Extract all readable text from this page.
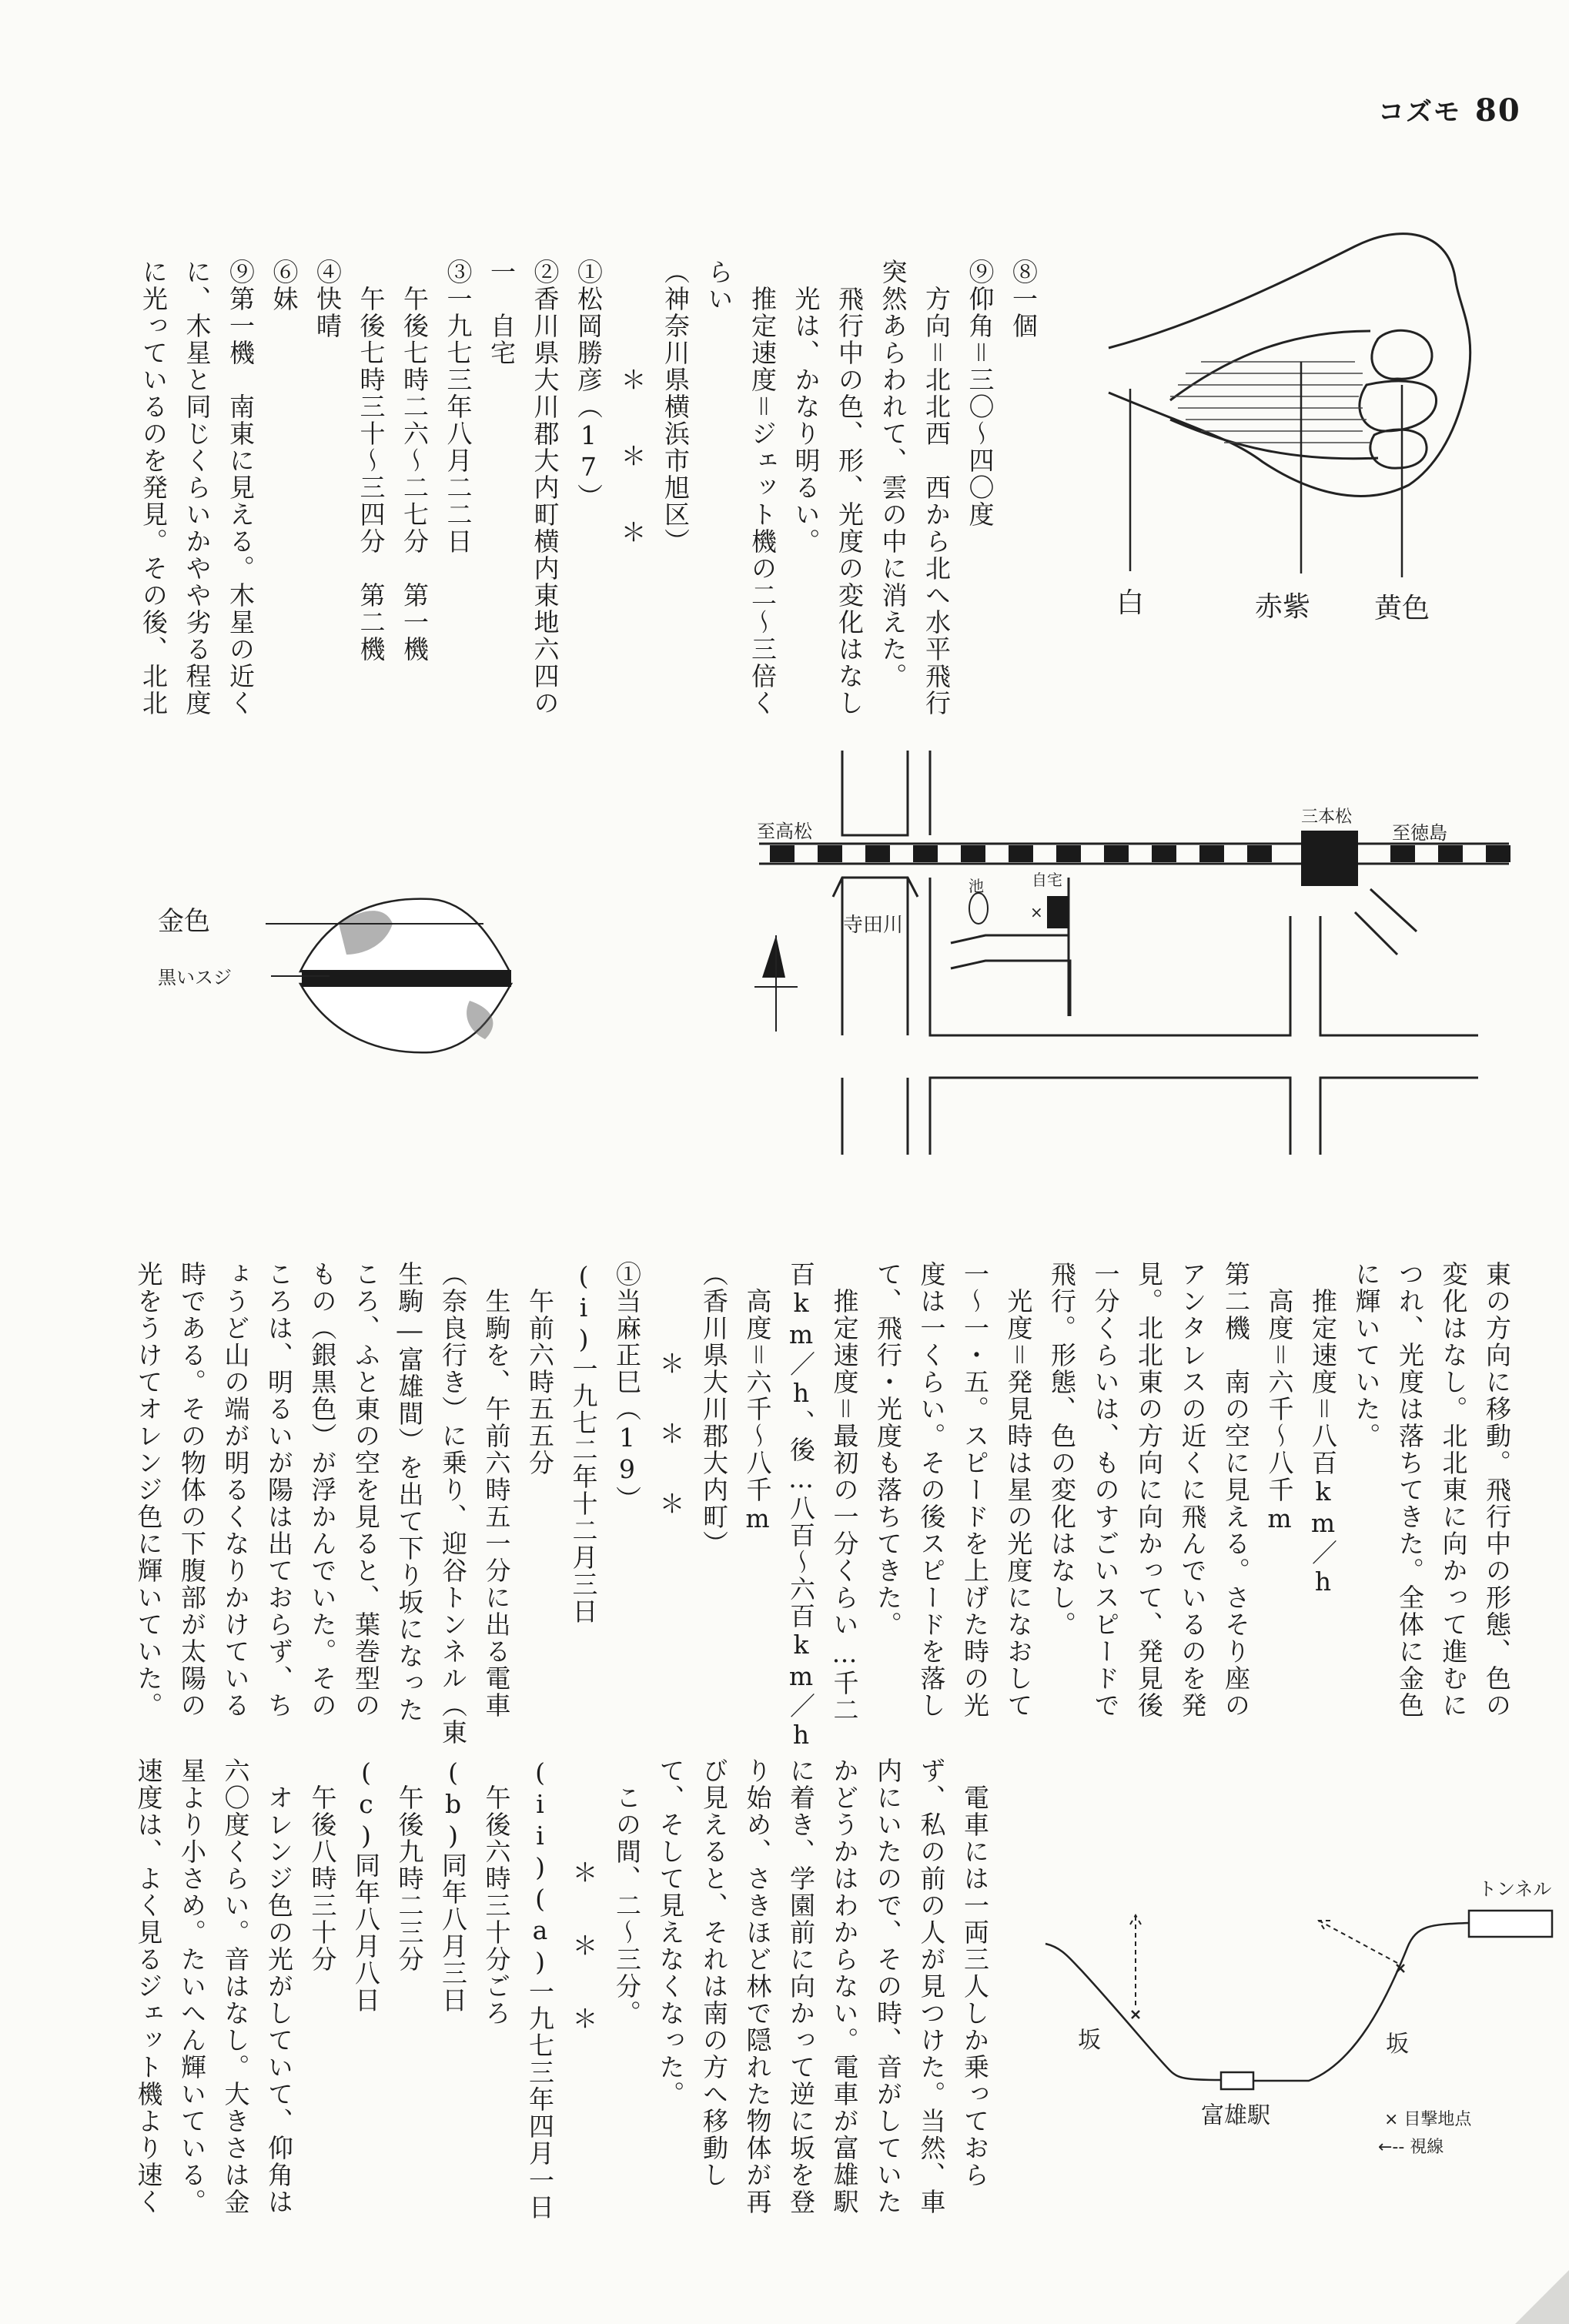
コズモ 80
白	赤紫 黄色
金色
黒いスジ
至高松
三本松
至徳島
寺田川
池	自宅
×
トンネル
坂	坂
富雄駅	× 目撃地点
←-- 視線
⑧一個
⑨仰角＝三〇～四〇度
　方向＝北北西　西から北へ水平飛行
突然あらわれて、雲の中に消えた。
　飛行中の色、形、光度の変化はなし
　光は、かなり明るい。
　推定速度＝ジェット機の二～三倍く
らい
（神奈川県横浜市旭区）
＊＊＊
①松岡勝彦（17）
②香川県大川郡大内町横内東地六四の
一　自宅
③一九七三年八月二二日
　午後七時二六～二七分　第一機
　午後七時三十～三四分　第二機
④快晴
⑥妹
⑨第一機　南東に見える。木星の近く
に、木星と同じくらいかやや劣る程度
に光っているのを発見。その後、北北
東の方向に移動。飛行中の形態、色の
変化はなし。北北東に向かって進むに
つれ、光度は落ちてきた。全体に金色
に輝いていた。
　推定速度＝八百km／h
　高度＝六千～八千m
第二機　南の空に見える。さそり座の
アンタレスの近くに飛んでいるのを発
見。北北東の方向に向かって、発見後
一分くらいは、ものすごいスピードで
飛行。形態、色の変化はなし。
　光度＝発見時は星の光度になおして
一～一・五。スピードを上げた時の光
度は一くらい。その後スピードを落し
て、飛行・光度も落ちてきた。
　推定速度＝最初の一分くらい…千二
百km／h、後…八百～六百km／h
　高度＝六千～八千m
（香川県大川郡大内町）
＊＊＊
①当麻正巳（19）
(i)一九七二年十二月三日
　午前六時五五分
　生駒を、午前六時五一分に出る電車
（奈良行き）に乗り、迎谷トンネル（東
生駒―富雄間）を出て下り坂になった
ころ、ふと東の空を見ると、葉巻型の
もの（銀黒色）が浮かんでいた。その
ころは、明るいが陽は出ておらず、ち
ょうど山の端が明るくなりかけている
時である。その物体の下腹部が太陽の
光をうけてオレンジ色に輝いていた。
　電車には一両三人しか乗っておら
ず、私の前の人が見つけた。当然、車
内にいたので、その時、音がしていた
かどうかはわからない。電車が富雄駅
に着き、学園前に向かって逆に坂を登
り始め、さきほど林で隠れた物体が再
び見えると、それは南の方へ移動し
て、そして見えなくなった。
　この間、二～三分。
＊＊＊
(ii)(a)一九七三年四月一日
　午後六時三十分ごろ
(b)同年八月三日
　午後九時二三分
(c)同年八月八日
　午後八時三十分
　オレンジ色の光がしていて、仰角は
六〇度くらい。音はなし。大きさは金
星より小さめ。たいへん輝いている。
速度は、よく見るジェット機より速く
